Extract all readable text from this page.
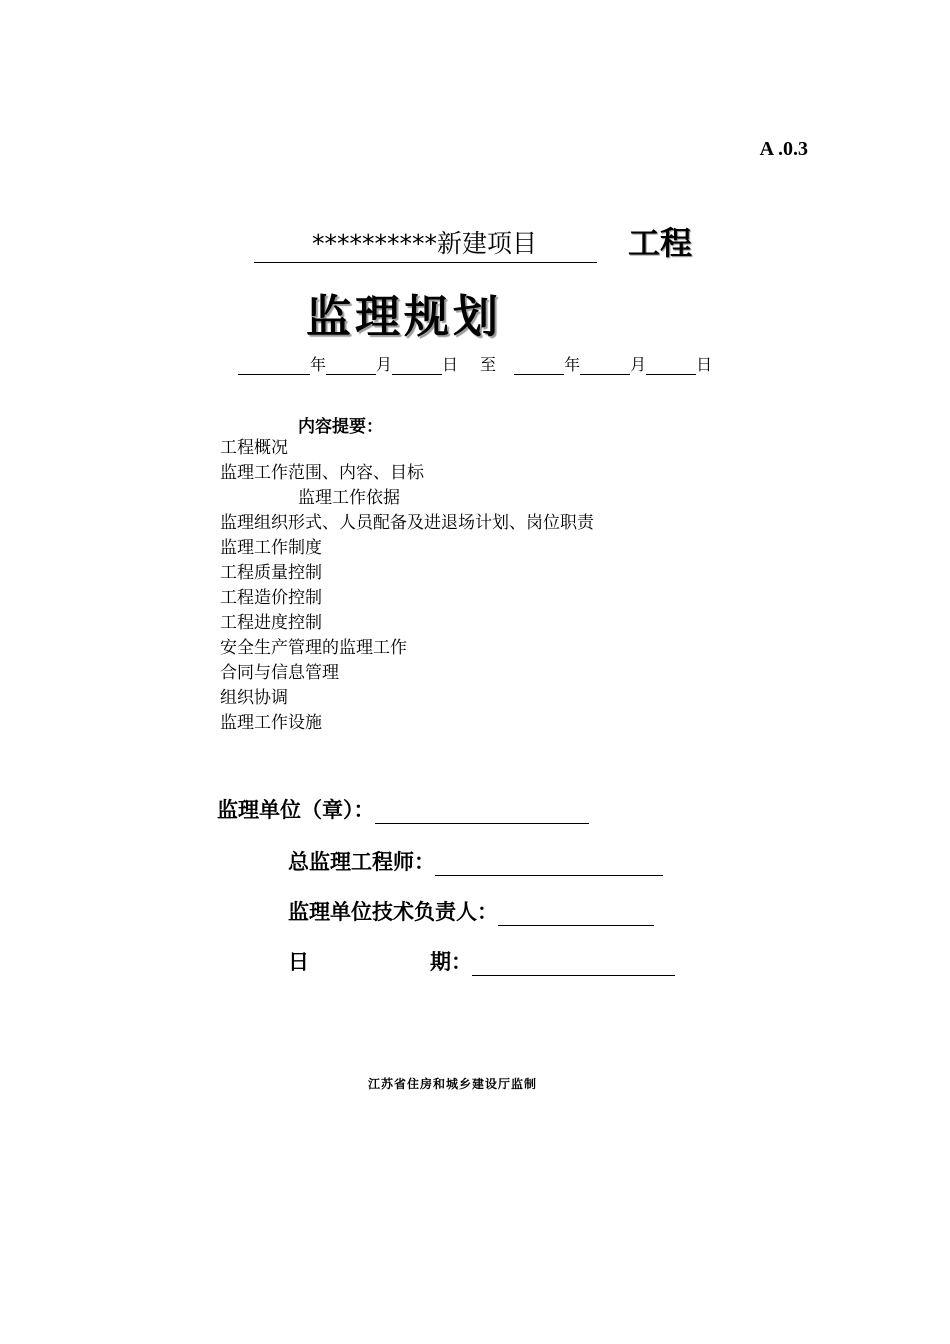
A .0.3
**********新建项目	工程
监理规划
年	月	日 至	年	月	日
内容提要：
工程概况
监理工作范围、内容、目标
监理工作依据
监理组织形式、人员配备及进退场计划、岗位职责
监理工作制度
工程质量控制
工程造价控制
工程进度控制
安全生产管理的监理工作
合同与信息管理
组织协调
监理工作设施
监理单位（章）：
总监理工程师：
监理单位技术负责人：
日	期：
江苏省住房和城乡建设厅监制
